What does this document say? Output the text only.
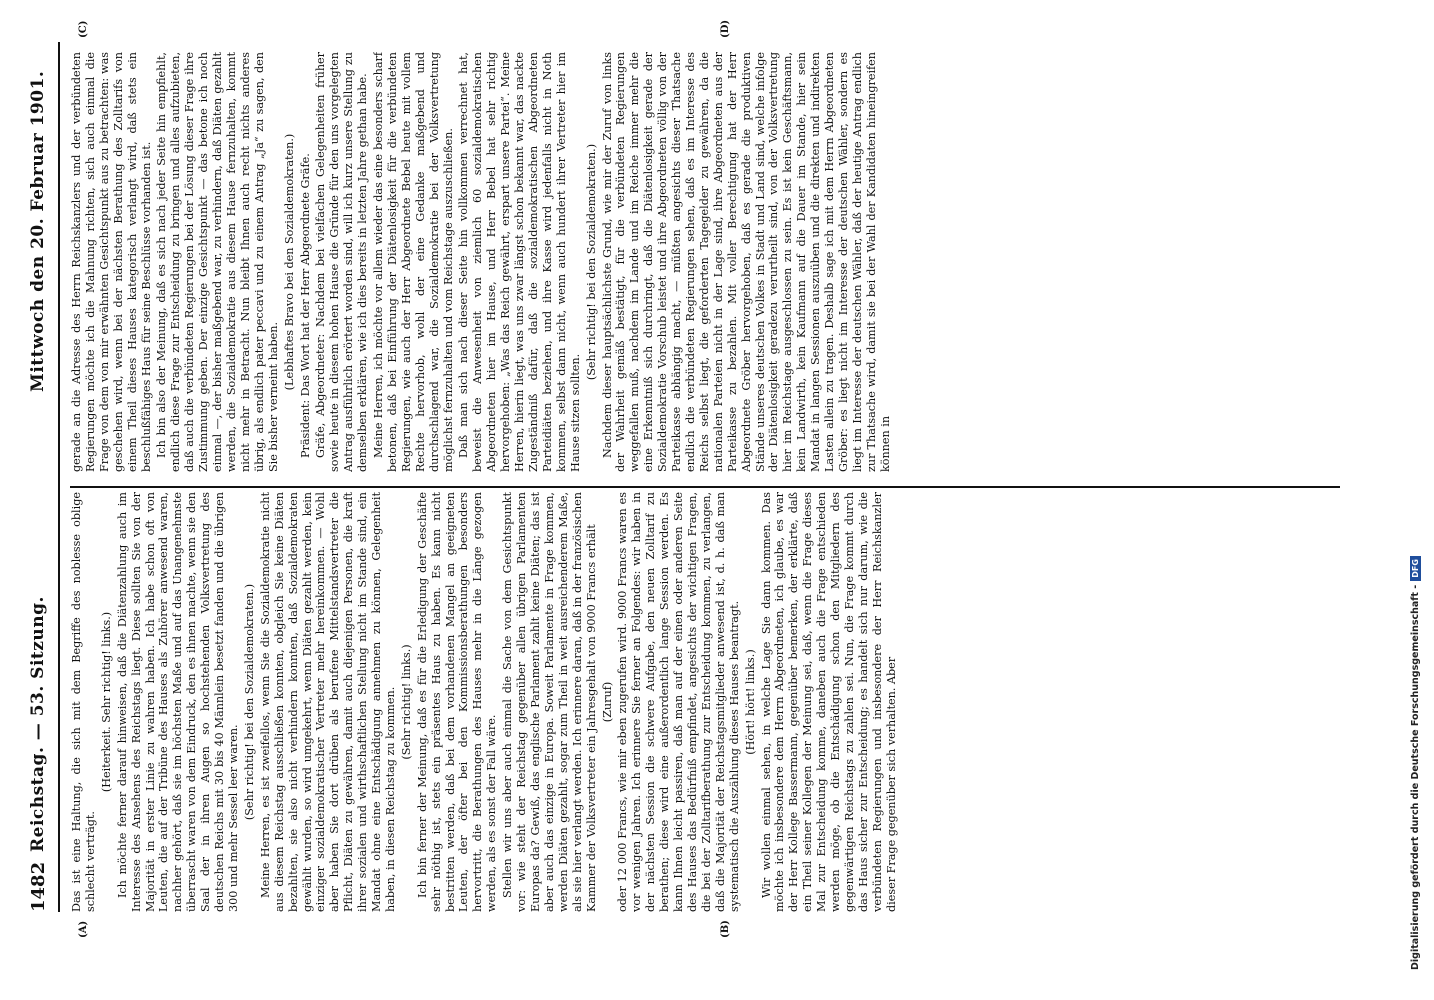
1482
Reichstag. — 53. Sitzung.
Mittwoch den 20. Februar 1901.
(A)	(B)
(C)	(D)

Das ist eine Haltung, die sich mit dem Begriffe des noblesse oblige schlecht verträgt.

(Heiterkeit. Sehr richtig! links.) Ich möchte ferner darauf hinweisen, daß die Diätenzahlung auch im Interesse des Ansehens des Reichstags liegt. Diese sollten Sie von der Majorität in erster Linie zu wahren haben. Ich habe schon oft von Leuten, die auf der Tribüne des Hauses als Zuhörer anwesend waren, nachher gehört, daß sie im höchsten Maße und auf das Unangenehmste überrascht waren von dem Eindruck, den es ihnen machte, wenn sie den Saal der in ihren Augen so hochstehenden Volksvertretung des deutschen Reichs mit 30 bis 40 Männlein besetzt fanden und die übrigen 300 und mehr Sessel leer waren. (Sehr richtig! bei den Sozialdemokraten.) Meine Herren, es ist zweifellos, wenn Sie die Sozialdemokratie nicht aus diesem Reichstag ausschließen konnten, obgleich Sie keine Diäten bezahlten, sie also nicht verhindern konnten, daß Sozialdemokraten gewählt wurden, so wird umgekehrt, wenn Diäten gezahlt werden, kein einziger sozialdemokratischer Vertreter mehr hereinkommen. — Wohl aber haben Sie dort drüben als berufene Mittelstandsvertreter die Pflicht, Diäten zu gewähren, damit auch diejenigen Personen, die kraft ihrer sozialen und wirthschaftlichen Stellung nicht im Stande sind, ein Mandat ohne eine Entschädigung annehmen zu können, Gelegenheit haben, in diesen Reichstag zu kommen. (Sehr richtig! links.) Ich bin ferner der Meinung, daß es für die Erledigung der Geschäfte sehr nöthig ist, stets ein präsentes Haus zu haben. Es kann nicht bestritten werden, daß bei dem vorhandenen Mangel an geeigneten Leuten, der öfter bei den Kommissionsberathungen besonders hervortritt, die Berathungen des Hauses mehr in die Länge gezogen werden, als es sonst der Fall wäre. Stellen wir uns aber auch einmal die Sache von dem Gesichtspunkt vor: wie steht der Reichstag gegenüber allen übrigen Parlamenten Europas da? Gewiß, das englische Parlament zahlt keine Diäten; das ist aber auch das einzige in Europa. Soweit Parlamente in Frage kommen, werden Diäten gezahlt, sogar zum Theil in weit ausreichenderem Maße, als sie hier verlangt werden. Ich erinnere daran, daß in der französischen Kammer der Volksvertreter ein Jahresgehalt von 9000 Francs erhält (Zuruf) oder 12 000 Francs, wie mir eben zugerufen wird. 9000 Francs waren es vor wenigen Jahren. Ich erinnere Sie ferner an Folgendes: wir haben in der nächsten Session die schwere Aufgabe, den neuen Zolltarif zu berathen; diese wird eine außerordentlich lange Session werden. Es kann Ihnen leicht passiren, daß man auf der einen oder anderen Seite des Hauses das Bedürfniß empfindet, angesichts der wichtigen Fragen, die bei der Zolltarifberathung zur Entscheidung kommen, zu verlangen, daß die Majorität der Reichstagsmitglieder anwesend ist, d. h. daß man systematisch die Auszählung dieses Hauses beantragt. (Hört! hört! links.) Wir wollen einmal sehen, in welche Lage Sie dann kommen. Das möchte ich insbesondere dem Herrn Abgeordneten, ich glaube, es war der Herr Kollege Bassermann, gegenüber bemerken, der erklärte, daß ein Theil seiner Kollegen der Meinung sei, daß, wenn die Frage dieses Mal zur Entscheidung komme, daneben auch die Frage entschieden werden möge, ob die Entschädigung schon den Mitgliedern des gegenwärtigen Reichstags zu zahlen sei. Nun, die Frage kommt durch das Haus sicher zur Entscheidung; es handelt sich nur darum, wie die verbündeten Regierungen und insbesondere der Herr Reichskanzler dieser Frage gegenüber sich verhalten. Aber

gerade an die Adresse des Herrn Reichskanzlers und der verbündeten Regierungen möchte ich die Mahnung richten, sich auch einmal die Frage von dem von mir erwähnten Gesichtspunkt aus zu betrachten: was geschehen wird, wenn bei der nächsten Berathung des Zolltarifs von einem Theil dieses Hauses kategorisch verlangt wird, daß stets ein beschlußfähiges Haus für seine Beschlüsse vorhanden ist. Ich bin also der Meinung, daß es sich nach jeder Seite hin empfiehlt, endlich diese Frage zur Entscheidung zu bringen und alles aufzubieten, daß auch die verbündeten Regierungen bei der Lösung dieser Frage ihre Zustimmung geben. Der einzige Gesichtspunkt — das betone ich noch einmal —, der bisher maßgebend war, zu verhindern, daß Diäten gezahlt werden, die Sozialdemokratie aus diesem Hause fernzuhalten, kommt nicht mehr in Betracht. Nun bleibt Ihnen auch recht nichts anderes übrig, als endlich pater peccavi und zu einem Antrag „Ja“ zu sagen, den Sie bisher verneint haben.

(Lebhaftes Bravo bei den Sozialdemokraten.) Präsident: Das Wort hat der Herr Abgeordnete Gräfe. Gräfe, Abgeordneter: Nachdem bei vielfachen Gelegenheiten früher sowie heute in diesem hohen Hause die Gründe für den uns vorgelegten Antrag ausführlich erörtert worden sind, will ich kurz unsere Stellung zu demselben erklären, wie ich dies bereits in letzten Jahre gethan habe. Meine Herren, ich möchte vor allem wieder das eine besonders scharf betonen, daß bei Einführung der Diätenlosigkeit für die verbündeten Regierungen, wie auch der Herr Abgeordnete Bebel heute mit vollem Rechte hervorhob, wohl der eine Gedanke maßgebend und durchschlagend war, die Sozialdemokratie bei der Volksvertretung möglichst fernzuhalten und vom Reichstage auszuschließen. Daß man sich nach dieser Seite hin vollkommen verrechnet hat, beweist die Anwesenheit von ziemlich 60 sozialdemokratischen Abgeordneten hier im Hause, und Herr Bebel hat sehr richtig hervorgehoben: „Was das Reich gewährt, erspart unsere Partei“. Meine Herren, hierin liegt, was uns zwar längst schon bekannt war, das nackte Zugeständniß dafür, daß die sozialdemokratischen Abgeordneten Parteidiäten beziehen, und ihre Kasse wird jedenfalls nicht in Noth kommen, selbst dann nicht, wenn auch hundert ihrer Vertreter hier im Hause sitzen sollten.

(Sehr richtig! bei den Sozialdemokraten.) Nachdem dieser hauptsächlichste Grund, wie mir der Zuruf von links der Wahrheit gemäß bestätigt, für die verbündeten Regierungen weggefallen muß, nachdem im Lande und im Reiche immer mehr die eine Erkenntniß sich durchringt, daß die Diätenlosigkeit gerade der Sozialdemokratie Vorschub leistet und ihre Abgeordneten völlig von der Parteikasse abhängig macht, — müßten angesichts dieser Thatsache endlich die verbündeten Regierungen sehen, daß es im Interesse des Reichs selbst liegt, die geforderten Tagegelder zu gewähren, da die nationalen Parteien nicht in der Lage sind, ihre Abgeordneten aus der Parteikasse zu bezahlen. Mit voller Berechtigung hat der Herr Abgeordnete Gröber hervorgehoben, daß es gerade die produktiven Stände unseres deutschen Volkes in Stadt und Land sind, welche infolge der Diätenlosigkeit geradezu verurtheilt sind, von der Volksvertretung hier im Reichstage ausgeschlossen zu sein. Es ist kein Geschäftsmann, kein Landwirth, kein Kaufmann auf die Dauer im Stande, hier sein Mandat in langen Sessionen auszuüben und die direkten und indirekten Lasten allein zu tragen. Deshalb sage ich mit dem Herrn Abgeordneten Gröber: es liegt nicht im Interesse der deutschen Wähler, sondern es liegt im Interesse der deutschen Wähler, daß der heutige Antrag endlich zur Thatsache wird, damit sie bei der Wahl der Kandidaten hineingreifen können in

Digitalisierung gefördert durch die Deutsche Forschungsgemeinschaft -
DFG
